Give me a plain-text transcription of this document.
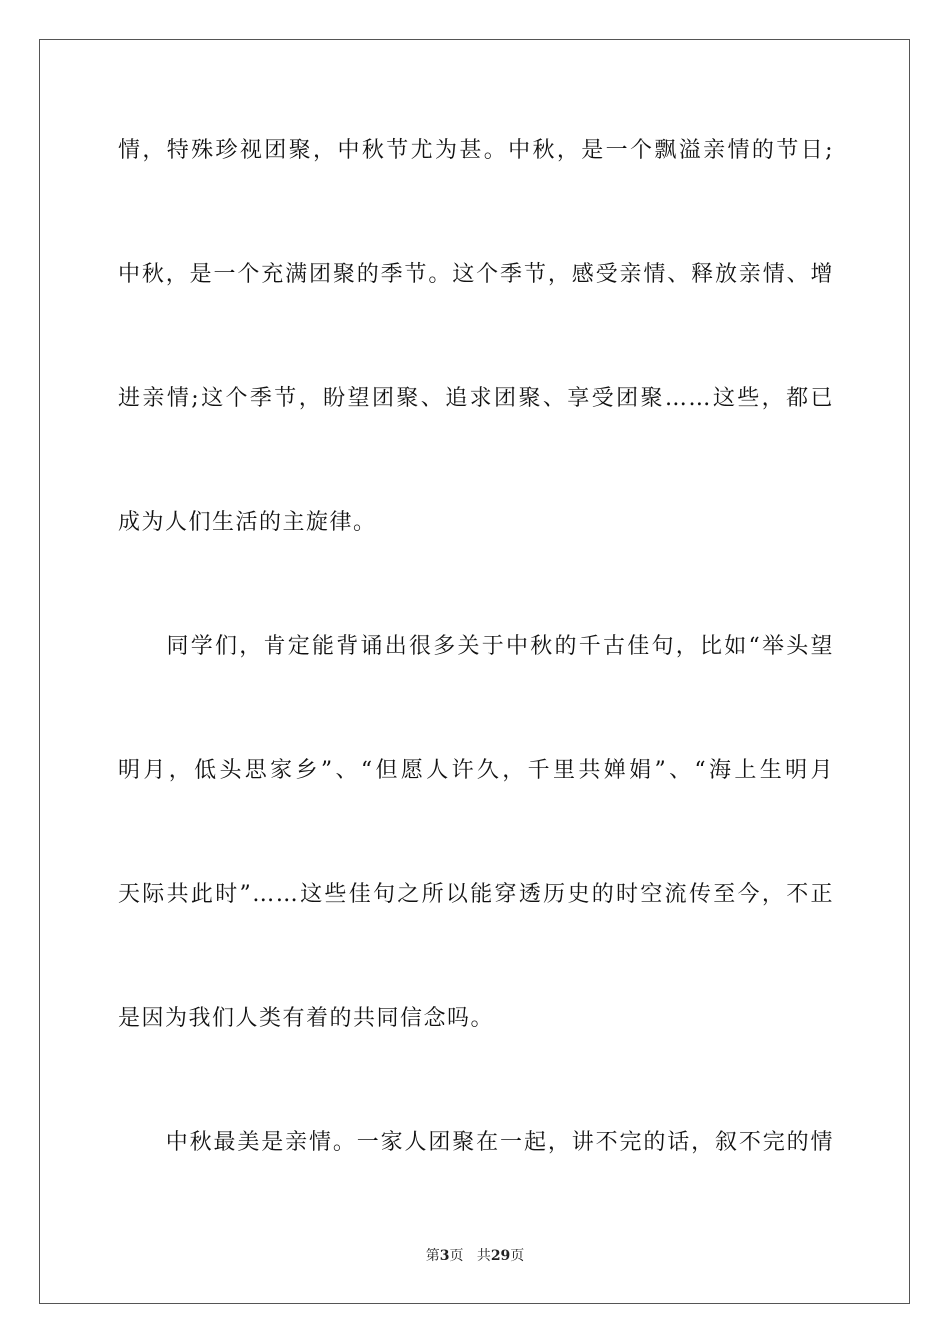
情，特殊珍视团聚，中秋节尤为甚。中秋，是一个飘溢亲情的节日;
中秋，是一个充满团聚的季节。这个季节，感受亲情、释放亲情、增
进亲情;这个季节，盼望团聚、追求团聚、享受团聚……这些，都已
成为人们生活的主旋律。
　　同学们，肯定能背诵出很多关于中秋的千古佳句，比如“举头望
明月，低头思家乡”、“但愿人许久，千里共婵娟”、“海上生明月
天际共此时”……这些佳句之所以能穿透历史的时空流传至今，不正
是因为我们人类有着的共同信念吗。
　　中秋最美是亲情。一家人团聚在一起，讲不完的话，叙不完的情
第3页 共29页
